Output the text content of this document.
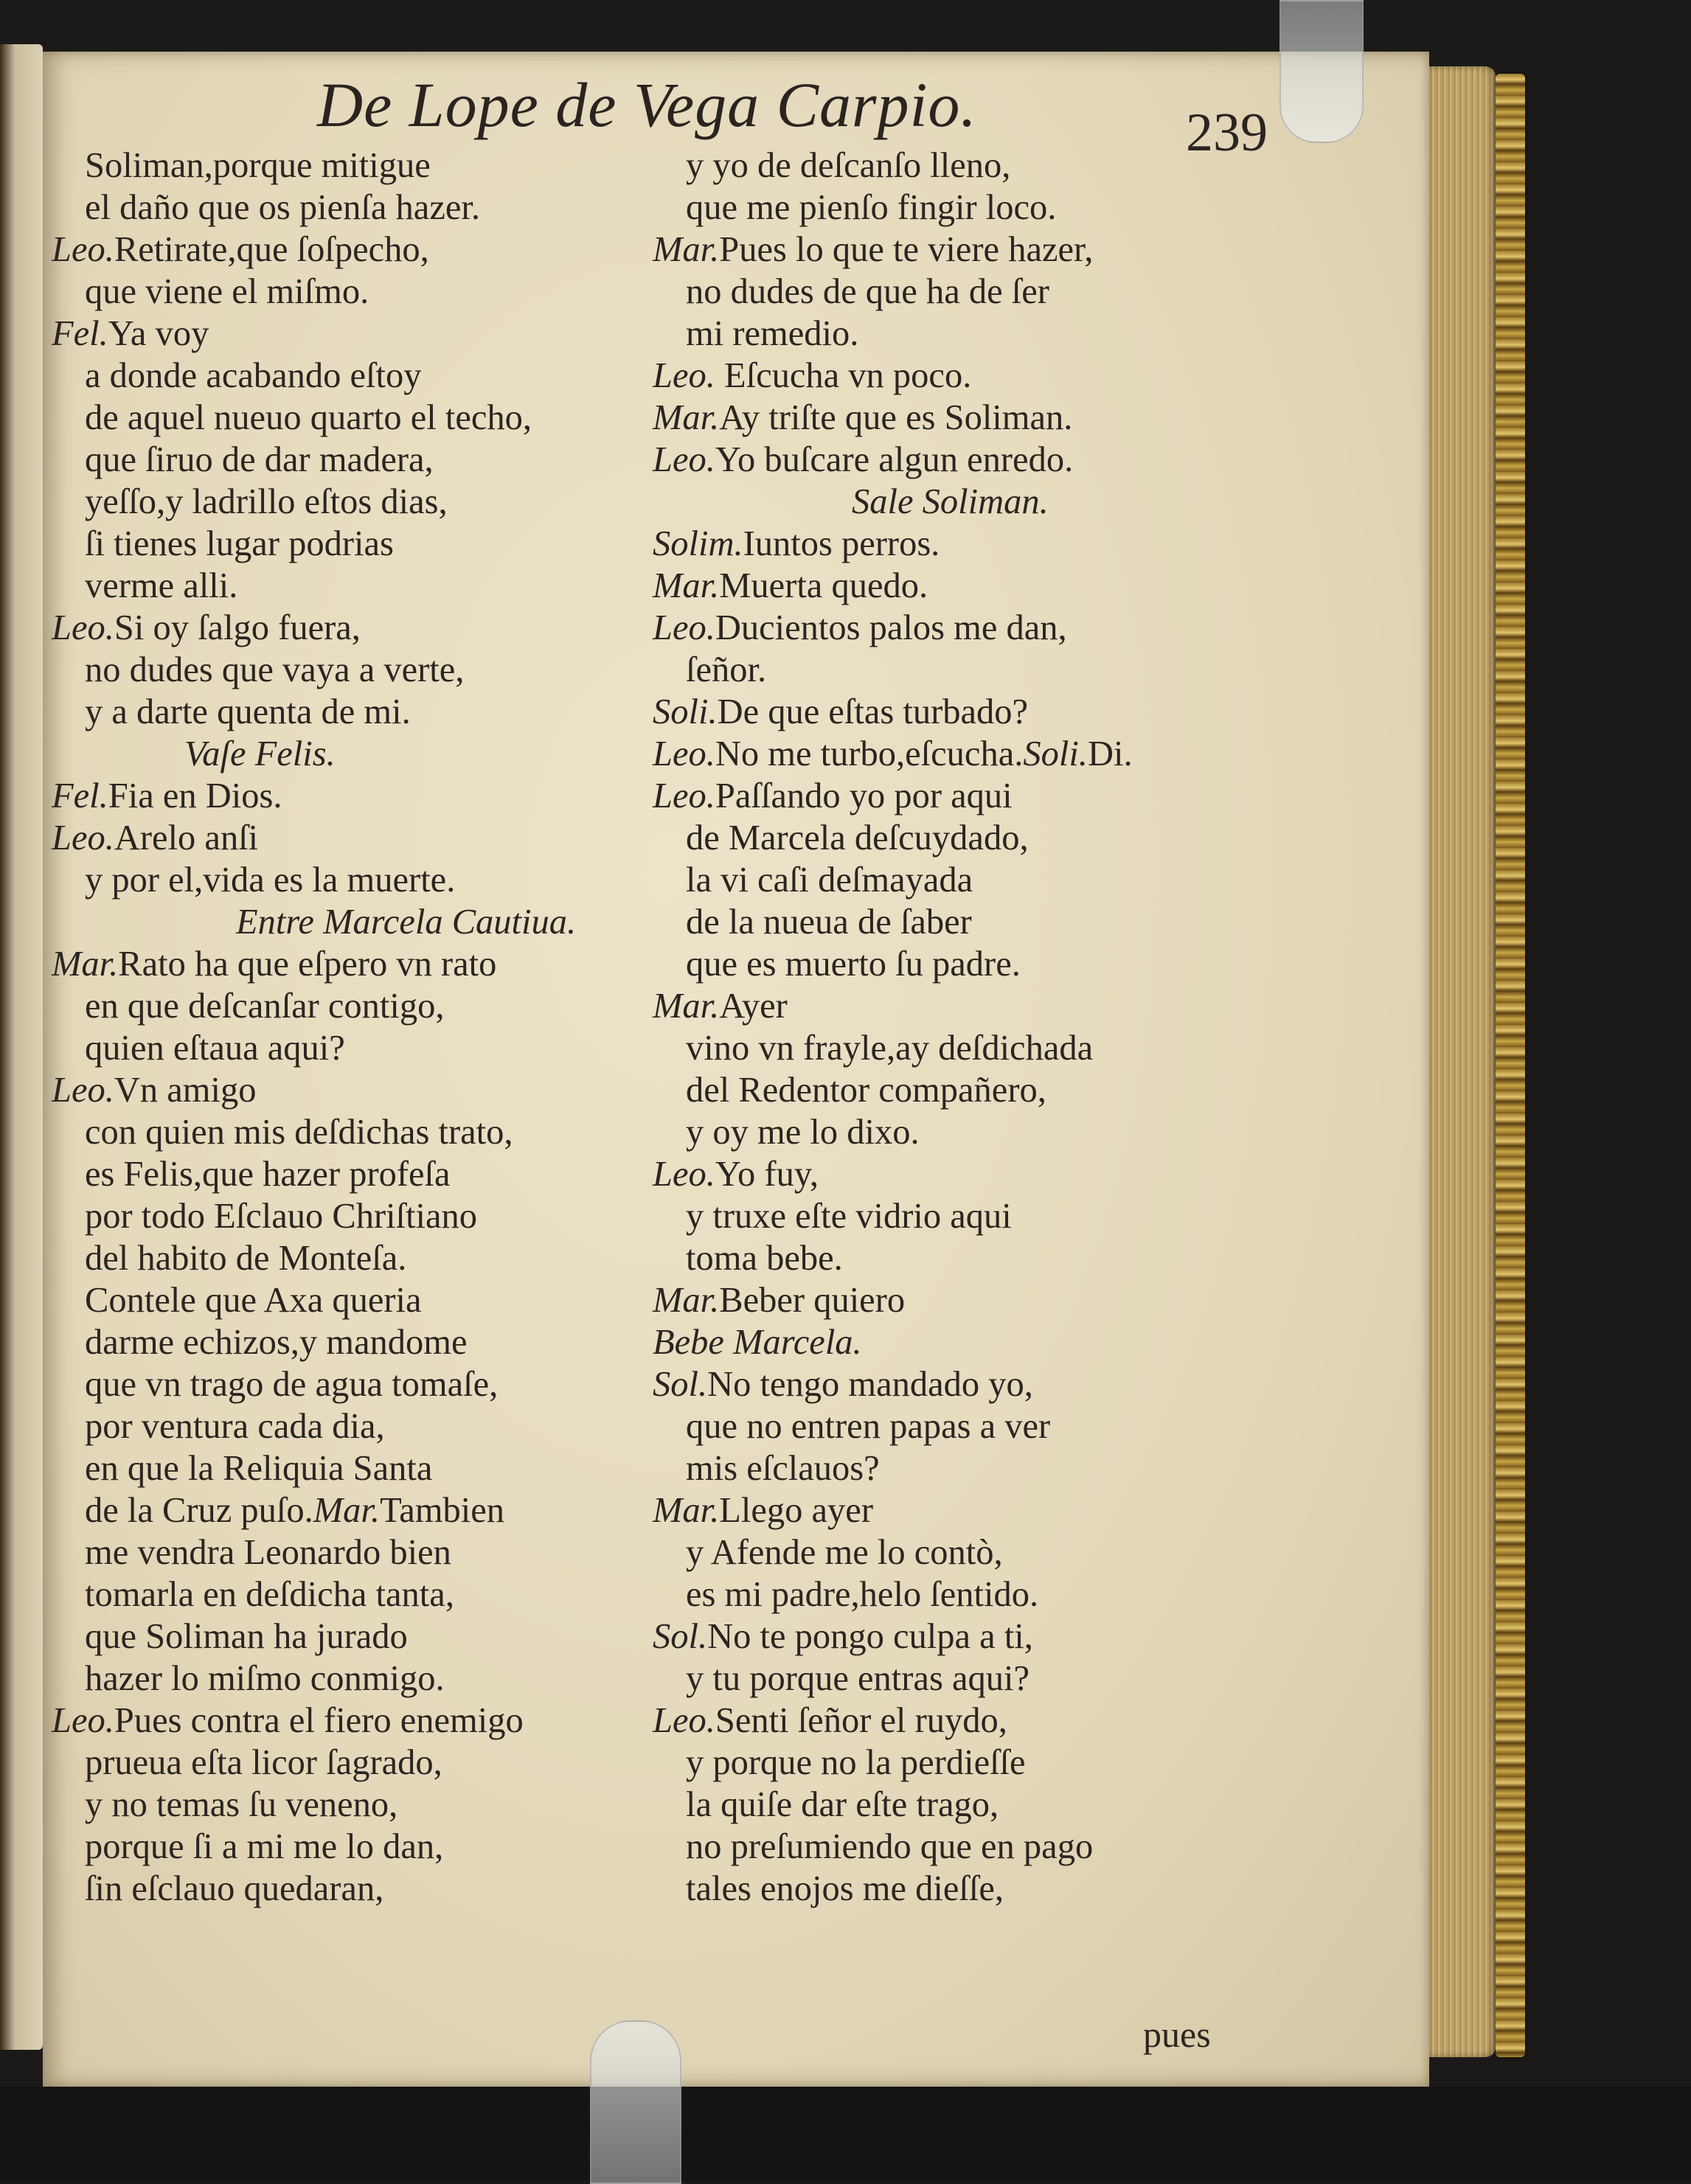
De Lope de Vega Carpio.	239
Soliman,porque mitigue
el daño que os pienſa hazer.
Leo.Retirate,que ſoſpecho,
que viene el miſmo.
Fel.Ya voy
a donde acabando eſtoy
de aquel nueuo quarto el techo,
que ſiruo de dar madera,
yeſſo,y ladrillo eſtos dias,
ſi tienes lugar podrias
verme alli.
Leo.Si oy ſalgo fuera,
no dudes que vaya a verte,
y a darte quenta de mi.
Vaſe Felis.
Fel.Fia en Dios.
Leo.Arelo anſi
y por el,vida es la muerte.
Entre Marcela Cautiua.
Mar.Rato ha que eſpero vn rato
en que deſcanſar contigo,
quien eſtaua aqui?
Leo.Vn amigo
con quien mis deſdichas trato,
es Felis,que hazer profeſa
por todo Eſclauo Chriſtiano
del habito de Monteſa.
Contele que Axa queria
darme echizos,y mandome
que vn trago de agua tomaſe,
por ventura cada dia,
en que la Reliquia Santa
de la Cruz puſo.Mar.Tambien
me vendra Leonardo bien
tomarla en deſdicha tanta,
que Soliman ha jurado
hazer lo miſmo conmigo.
Leo.Pues contra el fiero enemigo
prueua eſta licor ſagrado,
y no temas ſu veneno,
porque ſi a mi me lo dan,
ſin eſclauo quedaran,
y yo de deſcanſo lleno,
que me pienſo fingir loco.
Mar.Pues lo que te viere hazer,
no dudes de que ha de ſer
mi remedio.
Leo. Eſcucha vn poco.
Mar.Ay triſte que es Soliman.
Leo.Yo buſcare algun enredo.
Sale Soliman.
Solim.Iuntos perros.
Mar.Muerta quedo.
Leo.Ducientos palos me dan,
ſeñor.
Soli.De que eſtas turbado?
Leo.No me turbo,eſcucha.Soli.Di.
Leo.Paſſando yo por aqui
de Marcela deſcuydado,
la vi caſi deſmayada
de la nueua de ſaber
que es muerto ſu padre.
Mar.Ayer
vino vn frayle,ay deſdichada
del Redentor compañero,
y oy me lo dixo.
Leo.Yo fuy,
y truxe eſte vidrio aqui
toma bebe.
Mar.Beber quiero
Bebe Marcela.
Sol.No tengo mandado yo,
que no entren papas a ver
mis eſclauos?
Mar.Llego ayer
y Afende me lo contò,
es mi padre,helo ſentido.
Sol.No te pongo culpa a ti,
y tu porque entras aqui?
Leo.Senti ſeñor el ruydo,
y porque no la perdieſſe
la quiſe dar eſte trago,
no preſumiendo que en pago
tales enojos me dieſſe,
pues
